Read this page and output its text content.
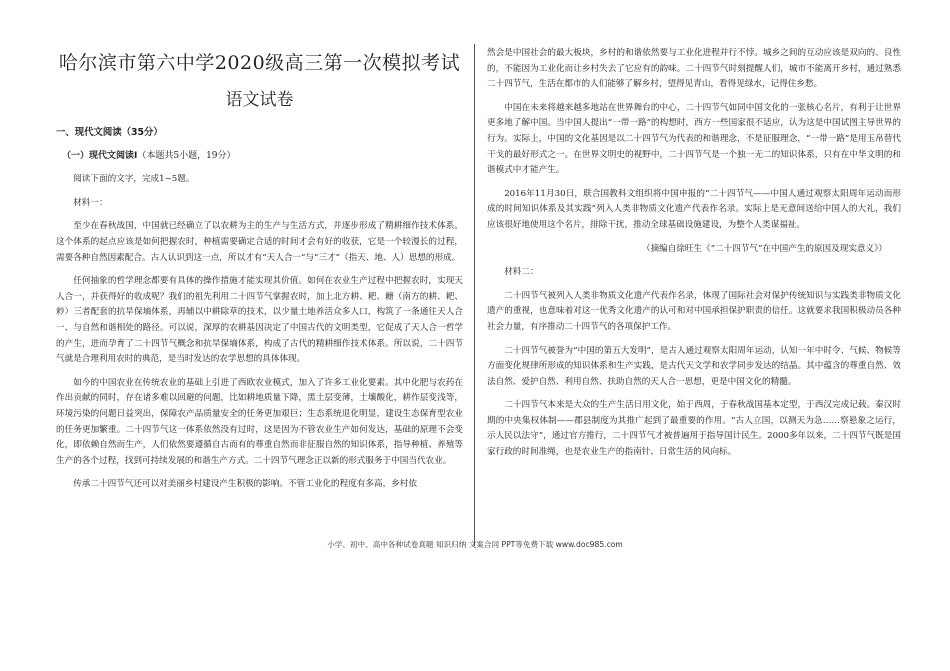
哈尔滨市第六中学2020级高三第一次模拟考试
语文试卷
一、现代文阅读（35分）
（一）现代文阅读Ⅰ（本题共5小题，19分）

阅读下面的文字，完成1~5题。

材料一：

至少在春秋战国，中国就已经确立了以农耕为主的生产与生活方式，并逐步形成了精耕细作技术体系。这个体系的起点应该是如何把握农时，种植需要确定合适的时间才会有好的收获，它是一个较漫长的过程，需要各种自然因素配合。古人认识到这一点，所以才有“天人合一”与“三才”（指天、地、人）思想的形成。

任何抽象的哲学理念都要有具体的操作措施才能实现其价值。如何在农业生产过程中把握农时，实现天人合一，并获得好的收成呢？我们的祖先利用二十四节气掌握农时，加上北方耕、耙、耱（南方的耕、耙、耖）三者配套的抗旱保墒体系，再辅以中耕除草的技术，以少量土地养活众多人口，构筑了一条通往天人合一、与自然和谐相处的路径。可以说，深厚的农耕基因决定了中国古代的文明类型，它促成了天人合一哲学的产生，进而孕育了二十四节气概念和抗旱保墒体系，构成了古代的精耕细作技术体系。所以说，二十四节气就是合理利用农时的典范，是当时发达的农学思想的具体体现。

如今的中国农业在传统农业的基础上引进了西欧农业模式，加入了许多工业化要素。其中化肥与农药在作出贡献的同时，存在诸多难以回避的问题，比如耕地质量下降，黑土层变薄，土壤酸化，耕作层变浅等，环境污染的问题日益突出，保障农产品质量安全的任务更加艰巨；生态系统退化明显，建设生态保育型农业的任务更加繁重。二十四节气这一体系依然没有过时，这是因为不管农业生产如何发达，基础的原理不会变化，即依赖自然而生产，人们依然要遵循自古而有的尊重自然而非征服自然的知识体系，指导种植、养殖等生产的各个过程，找到可持续发展的和谐生产方式。二十四节气理念正以新的形式服务于中国当代农业。

传承二十四节气还可以对美丽乡村建设产生积极的影响。不管工业化的程度有多高，乡村依

然会是中国社会的最大板块，乡村的和谐依然要与工业化进程并行不悖。城乡之间的互动应该是双向的、良性的，不能因为工业化而让乡村失去了它应有的韵味。二十四节气时刻提醒人们，城市不能离开乡村，通过熟悉二十四节气，生活在都市的人们能够了解乡村，望得见青山，看得见绿水，记得住乡愁。

中国在未来将越来越多地站在世界舞台的中心，二十四节气如同中国文化的一张核心名片，有利于让世界更多地了解中国。当中国人提出“一带一路”的构想时，西方一些国家很不适应，认为这是中国试图主导世界的行为。实际上，中国的文化基因是以二十四节气为代表的和谐理念，不是征服理念，“一带一路”是用玉帛替代干戈的最好形式之一。在世界文明史的视野中，二十四节气是一个独一无二的知识体系，只有在中华文明的和谐模式中才能产生。

2016年11月30日，联合国教科文组织将中国申报的“二十四节气——中国人通过观察太阳周年运动而形成的时间知识体系及其实践”列入人类非物质文化遗产代表作名录。实际上是无意间送给中国人的大礼，我们应该很好地使用这个名片，排除干扰，推动全球基础设施建设，为整个人类谋福祉。

（摘编自徐旺生《“二十四节气”在中国产生的原因及现实意义》）

材料二：

二十四节气被列入人类非物质文化遗产代表作名录，体现了国际社会对保护传统知识与实践类非物质文化遗产的重视，也意味着对这一优秀文化遗产的认可和对中国承担保护职责的信任。这就要求我国积极动员各种社会力量，有序推动二十四节气的各项保护工作。

二十四节气被誉为“中国的第五大发明”，是古人通过观察太阳周年运动，认知一年中时令、气候、物候等方面变化规律所形成的知识体系和生产实践，是古代天文学和农学同步发达的结晶。其中蕴含的尊重自然、效法自然、爱护自然、利用自然、扶助自然的天人合一思想，更是中国文化的精髓。

二十四节气本来是大众的生产生活日用文化，始于西周，于春秋战国基本定型，于西汉完成记载。秦汉时期的中央集权体制——郡县制度为其推广起到了最重要的作用。“古人立国，以测天为急……察悬象之运行，示人民以法守”，通过官方推行，二十四节气才被普遍用于指导国计民生。2000多年以来，二十四节气既是国家行政的时间准绳，也是农业生产的指南针、日常生活的风向标。

小学、初中、高中各种试卷真题 知识归纳 文案合同 PPT等免费下载 www.doc985.com
